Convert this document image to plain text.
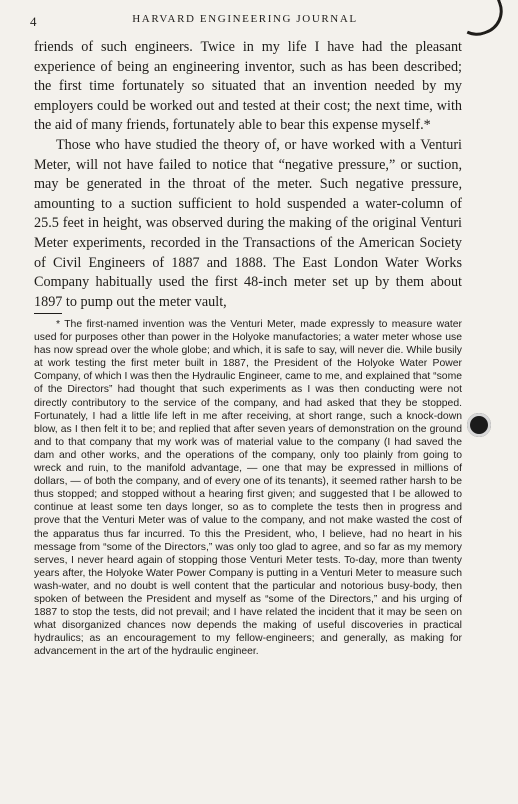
4	HARVARD ENGINEERING JOURNAL

friends of such engineers. Twice in my life I have had the pleasant experience of being an engineering inventor, such as has been described; the first time fortunately so situated that an invention needed by my employers could be worked out and tested at their cost; the next time, with the aid of many friends, fortunately able to bear this expense myself.*

Those who have studied the theory of, or have worked with a Venturi Meter, will not have failed to notice that “negative pressure,” or suction, may be generated in the throat of the meter. Such negative pressure, amounting to a suction sufficient to hold suspended a water-column of 25.5 feet in height, was observed during the making of the original Venturi Meter experiments, recorded in the Transactions of the American Society of Civil Engineers of 1887 and 1888. The East London Water Works Company habitually used the first 48-inch meter set up by them about 1897 to pump out the meter vault,

* The first-named invention was the Venturi Meter, made expressly to measure water used for purposes other than power in the Holyoke manufactories; a water meter whose use has now spread over the whole globe; and which, it is safe to say, will never die. While busily at work testing the first meter built in 1887, the President of the Holyoke Water Power Company, of which I was then the Hydraulic Engineer, came to me, and explained that “some of the Directors” had thought that such experiments as I was then conducting were not directly contributory to the service of the company, and had asked that they be stopped. Fortunately, I had a little life left in me after receiving, at short range, such a knock-down blow, as I then felt it to be; and replied that after seven years of demonstration on the ground and to that company that my work was of material value to the company (I had saved the dam and other works, and the operations of the company, only too plainly from going to wreck and ruin, to the manifold advantage, — one that may be expressed in millions of dollars, — of both the company, and of every one of its tenants), it seemed rather harsh to be thus stopped; and stopped without a hearing first given; and suggested that I be allowed to continue at least some ten days longer, so as to complete the tests then in progress and prove that the Venturi Meter was of value to the company, and not make wasted the cost of the apparatus thus far incurred. To this the President, who, I believe, had no heart in his message from “some of the Directors,” was only too glad to agree, and so far as my memory serves, I never heard again of stopping those Venturi Meter tests. To-day, more than twenty years after, the Holyoke Water Power Company is putting in a Venturi Meter to measure such wash-water, and no doubt is well content that the particular and notorious busy-body, then spoken of between the President and myself as “some of the Directors,” and his urging of 1887 to stop the tests, did not prevail; and I have related the incident that it may be seen on what disorganized chances now depends the making of useful discoveries in practical hydraulics; as an encouragement to my fellow-engineers; and generally, as making for advancement in the art of the hydraulic engineer.
